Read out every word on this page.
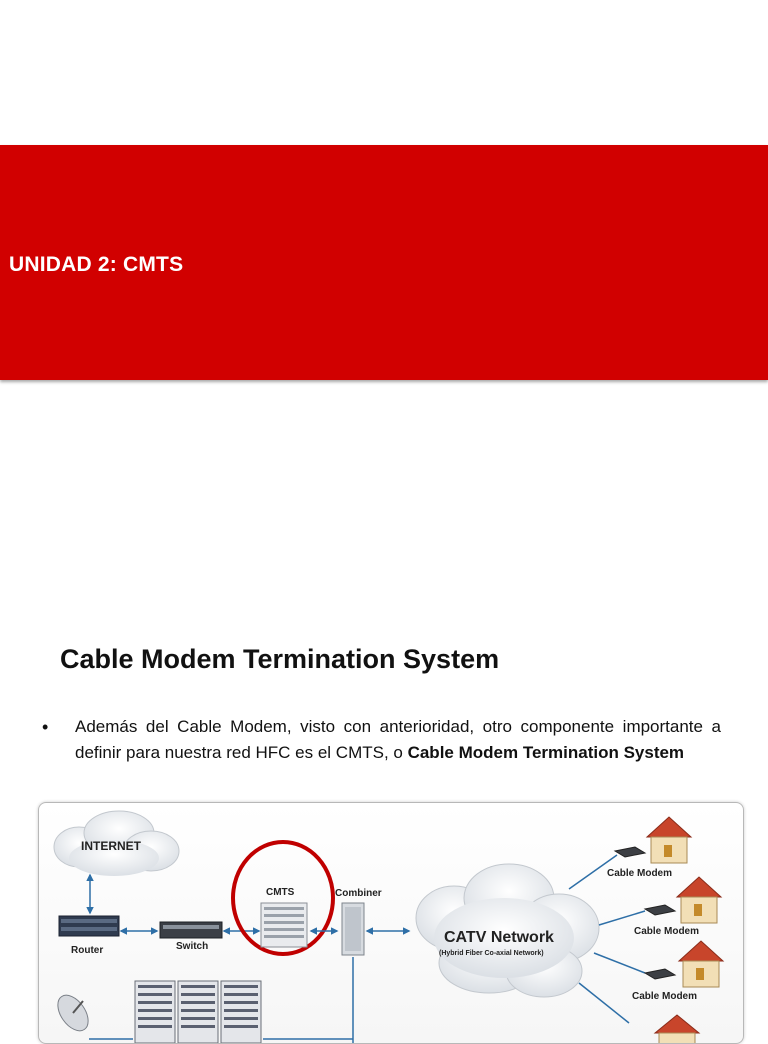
UNIDAD 2: CMTS
Cable Modem Termination System
• Además del Cable Modem, visto con anterioridad, otro componente importante a definir para nuestra red HFC es el CMTS, o Cable Modem Termination System
INTERNET
Router	Switch
CMTS	Combiner
CATV Network
(Hybrid Fiber Co-axial Network)
Cable Modem
Cable Modem
Cable Modem
